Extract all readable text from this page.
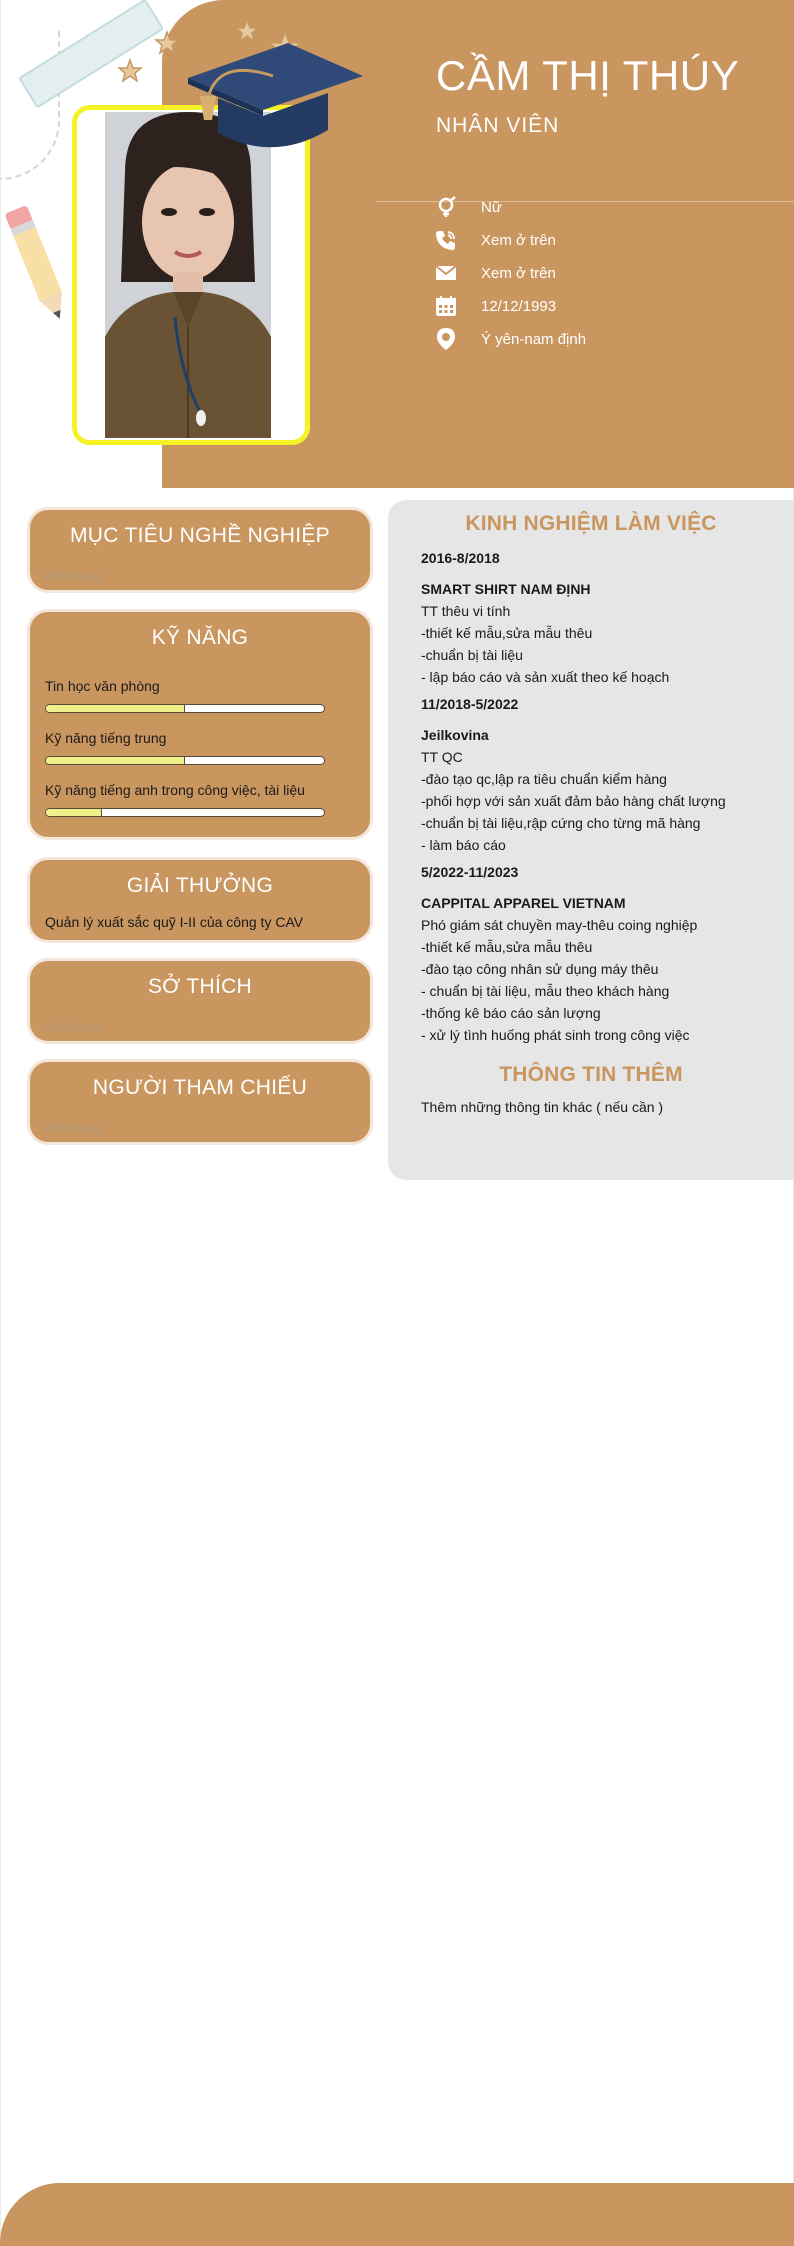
CẦM THỊ THÚY
NHÂN VIÊN
Nữ
Xem ở trên
Xem ở trên
12/12/1993
Ý yên-nam định
MỤC TIÊU NGHỀ NGHIỆP
Nội dung
KỸ NĂNG
Tin học văn phòng
Kỹ năng tiếng trung
Kỹ năng tiếng anh trong công việc, tài liệu
GIẢI THƯỞNG
Quản lý xuất sắc quỹ I-II của công ty CAV
SỞ THÍCH
Nội dung
NGƯỜI THAM CHIẾU
Nội dung
KINH NGHIỆM LÀM VIỆC
2016-8/2018
SMART SHIRT NAM ĐỊNH
TT thêu vi tính
-thiết kế mẫu,sửa mẫu thêu
-chuẩn bị tài liệu
- lập báo cáo và sản xuất theo kế hoạch
11/2018-5/2022
Jeilkovina
TT QC
-đào tạo qc,lập ra tiêu chuẩn kiểm hàng
-phối hợp với sản xuất đảm bảo hàng chất lượng
-chuẩn bị tài liệu,rập cứng cho từng mã hàng
- làm báo cáo
5/2022-11/2023
CAPPITAL APPAREL VIETNAM
Phó giám sát chuyền may-thêu coing nghiệp
-thiết kế mẫu,sửa mẫu thêu
-đào tạo công nhân sử dụng máy thêu
- chuẩn bị tài liệu, mẫu theo khách hàng
-thống kê báo cáo sản lượng
- xử lý tình huống phát sinh trong công việc
THÔNG TIN THÊM
Thêm những thông tin khác ( nếu cần )
